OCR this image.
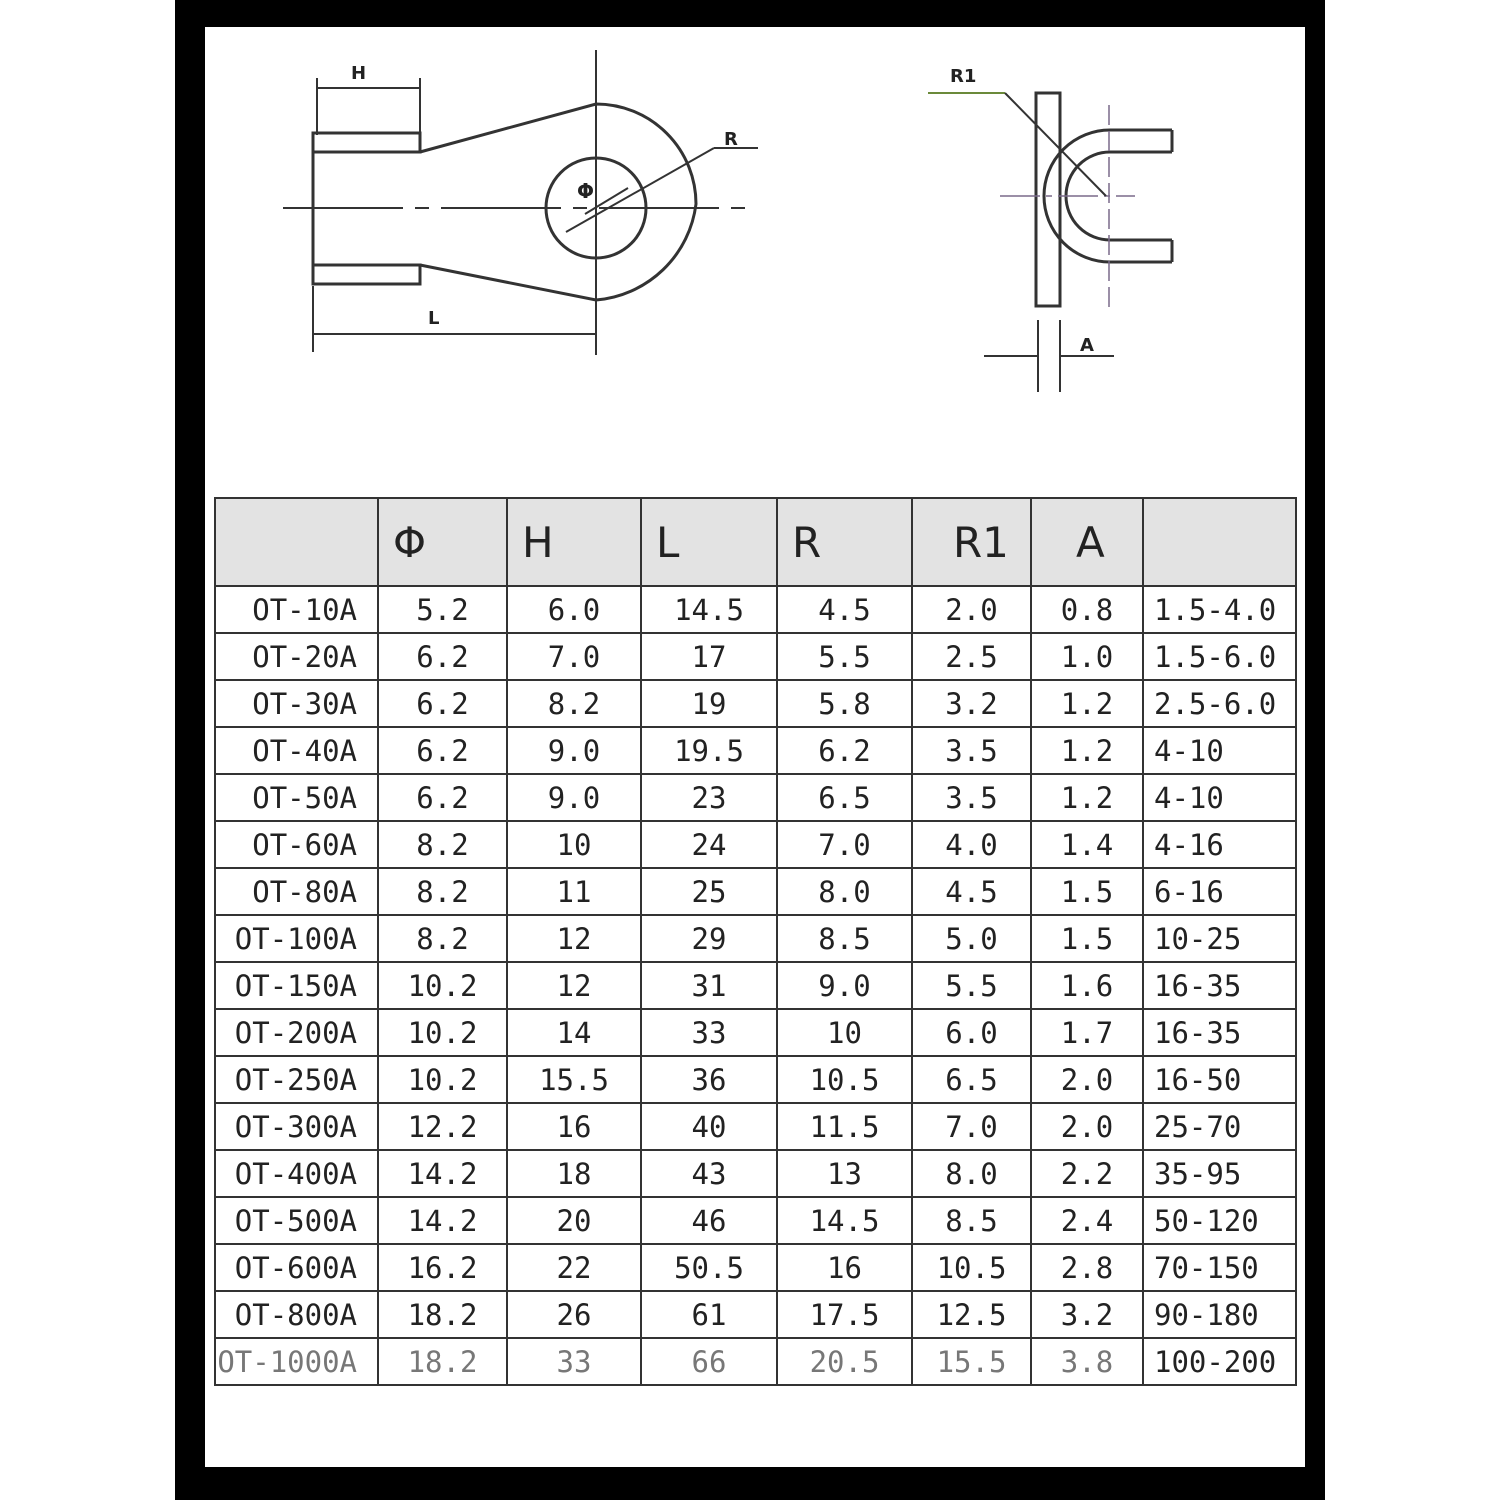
H
L
R
Φ
R1
A
	Φ	H	L	R	R1	A	
OT-10A	5.2	6.0	14.5	4.5	2.0	0.8	1.5-4.0
OT-20A	6.2	7.0	17	5.5	2.5	1.0	1.5-6.0
OT-30A	6.2	8.2	19	5.8	3.2	1.2	2.5-6.0
OT-40A	6.2	9.0	19.5	6.2	3.5	1.2	4-10
OT-50A	6.2	9.0	23	6.5	3.5	1.2	4-10
OT-60A	8.2	10	24	7.0	4.0	1.4	4-16
OT-80A	8.2	11	25	8.0	4.5	1.5	6-16
OT-100A	8.2	12	29	8.5	5.0	1.5	10-25
OT-150A	10.2	12	31	9.0	5.5	1.6	16-35
OT-200A	10.2	14	33	10	6.0	1.7	16-35
OT-250A	10.2	15.5	36	10.5	6.5	2.0	16-50
OT-300A	12.2	16	40	11.5	7.0	2.0	25-70
OT-400A	14.2	18	43	13	8.0	2.2	35-95
OT-500A	14.2	20	46	14.5	8.5	2.4	50-120
OT-600A	16.2	22	50.5	16	10.5	2.8	70-150
OT-800A	18.2	26	61	17.5	12.5	3.2	90-180
OT-1000A	18.2	33	66	20.5	15.5	3.8	100-200
